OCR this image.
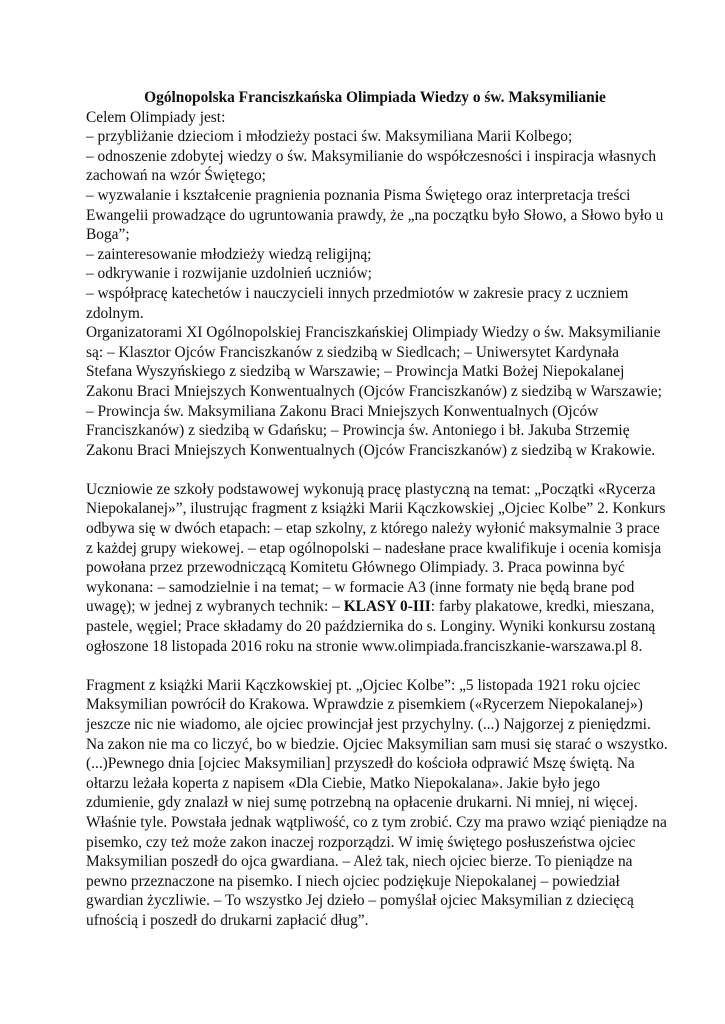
Ogólnopolska Franciszkańska Olimpiada Wiedzy o św. Maksymilianie

Celem Olimpiady jest:

– przybliżanie dzieciom i młodzieży postaci św. Maksymiliana Marii Kolbego;

– odnoszenie zdobytej wiedzy o św. Maksymilianie do współczesności i inspiracja własnych

zachowań na wzór Świętego;

– wyzwalanie i kształcenie pragnienia poznania Pisma Świętego oraz interpretacja treści

Ewangelii prowadzące do ugruntowania prawdy, że „na początku było Słowo, a Słowo było u

Boga”;

– zainteresowanie młodzieży wiedzą religijną;

– odkrywanie i rozwijanie uzdolnień uczniów;

– współpracę katechetów i nauczycieli innych przedmiotów w zakresie pracy z uczniem

zdolnym.

Organizatorami XI Ogólnopolskiej Franciszkańskiej Olimpiady Wiedzy o św. Maksymilianie

są: – Klasztor Ojców Franciszkanów z siedzibą w Siedlcach; – Uniwersytet Kardynała

Stefana Wyszyńskiego z siedzibą w Warszawie; – Prowincja Matki Bożej Niepokalanej

Zakonu Braci Mniejszych Konwentualnych (Ojców Franciszkanów) z siedzibą w Warszawie;

– Prowincja św. Maksymiliana Zakonu Braci Mniejszych Konwentualnych (Ojców

Franciszkanów) z siedzibą w Gdańsku; – Prowincja św. Antoniego i bł. Jakuba Strzemię

Zakonu Braci Mniejszych Konwentualnych (Ojców Franciszkanów) z siedzibą w Krakowie.

Uczniowie ze szkoły podstawowej wykonują pracę plastyczną na temat: „Początki «Rycerza

Niepokalanej»”, ilustrując fragment z książki Marii Kączkowskiej „Ojciec Kolbe” 2. Konkurs

odbywa się w dwóch etapach: – etap szkolny, z którego należy wyłonić maksymalnie 3 prace

z każdej grupy wiekowej. – etap ogólnopolski – nadesłane prace kwalifikuje i ocenia komisja

powołana przez przewodniczącą Komitetu Głównego Olimpiady. 3. Praca powinna być

wykonana: – samodzielnie i na temat; – w formacie A3 (inne formaty nie będą brane pod

uwagę); w jednej z wybranych technik: – KLASY 0-III: farby plakatowe, kredki, mieszana,

pastele, węgiel; Prace składamy do 20 października do s. Longiny. Wyniki konkursu zostaną

ogłoszone 18 listopada 2016 roku na stronie www.olimpiada.franciszkanie-warszawa.pl 8.

Fragment z książki Marii Kączkowskiej pt. „Ojciec Kolbe”: „5 listopada 1921 roku ojciec

Maksymilian powrócił do Krakowa. Wprawdzie z pisemkiem («Rycerzem Niepokalanej»)

jeszcze nic nie wiadomo, ale ojciec prowincjał jest przychylny. (...) Najgorzej z pieniędzmi.

Na zakon nie ma co liczyć, bo w biedzie. Ojciec Maksymilian sam musi się starać o wszystko.

(...)Pewnego dnia [ojciec Maksymilian] przyszedł do kościoła odprawić Mszę świętą. Na

ołtarzu leżała koperta z napisem «Dla Ciebie, Matko Niepokalana». Jakie było jego

zdumienie, gdy znalazł w niej sumę potrzebną na opłacenie drukarni. Ni mniej, ni więcej.

Właśnie tyle. Powstała jednak wątpliwość, co z tym zrobić. Czy ma prawo wziąć pieniądze na

pisemko, czy też może zakon inaczej rozporządzi. W imię świętego posłuszeństwa ojciec

Maksymilian poszedł do ojca gwardiana. – Ależ tak, niech ojciec bierze. To pieniądze na

pewno przeznaczone na pisemko. I niech ojciec podziękuje Niepokalanej – powiedział

gwardian życzliwie. – To wszystko Jej dzieło – pomyślał ojciec Maksymilian z dziecięcą

ufnością i poszedł do drukarni zapłacić dług”.
